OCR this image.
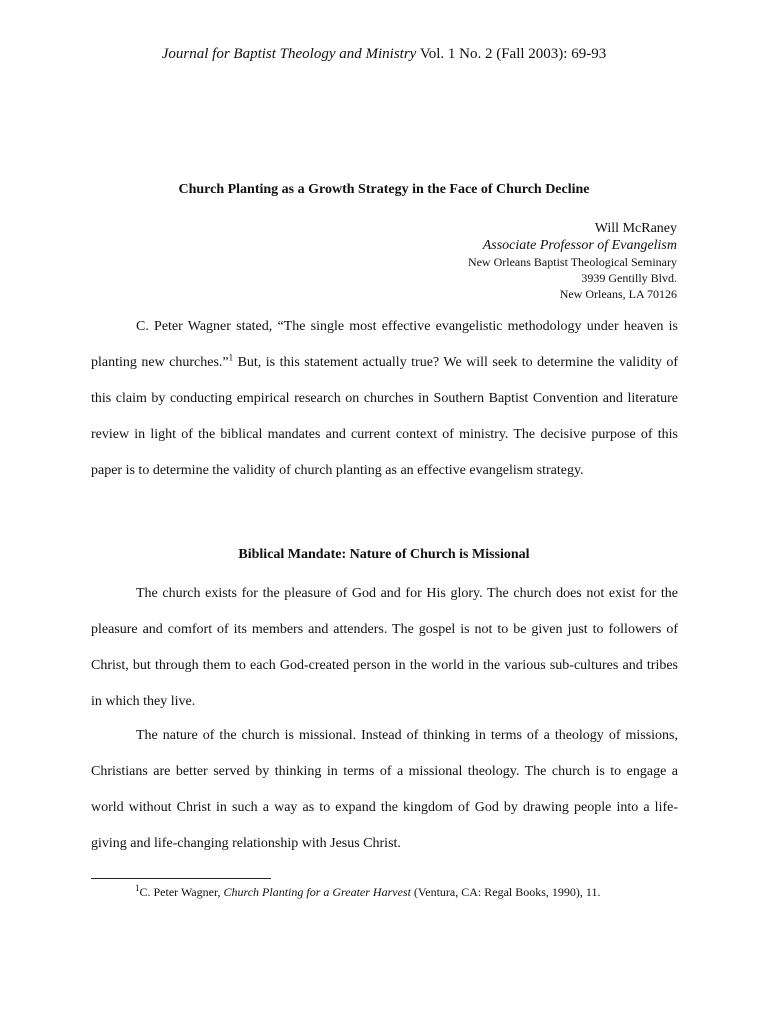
Journal for Baptist Theology and Ministry Vol. 1 No. 2 (Fall 2003): 69-93
Church Planting as a Growth Strategy in the Face of Church Decline
Will McRaney
Associate Professor of Evangelism
New Orleans Baptist Theological Seminary
3939 Gentilly Blvd.
New Orleans, LA 70126

C. Peter Wagner stated, “The single most effective evangelistic methodology under heaven is planting new churches.”$^1$ But, is this statement actually true? We will seek to determine the validity of this claim by conducting empirical research on churches in Southern Baptist Convention and literature review in light of the biblical mandates and current context of ministry. The decisive purpose of this paper is to determine the validity of church planting as an effective evangelism strategy.

Biblical Mandate: Nature of Church is Missional

The church exists for the pleasure of God and for His glory. The church does not exist for the pleasure and comfort of its members and attenders. The gospel is not to be given just to followers of Christ, but through them to each God-created person in the world in the various sub-cultures and tribes in which they live.

The nature of the church is missional. Instead of thinking in terms of a theology of missions, Christians are better served by thinking in terms of a missional theology. The church is to engage a world without Christ in such a way as to expand the kingdom of God by drawing people into a life-giving and life-changing relationship with Jesus Christ.

$^1$C. Peter Wagner, Church Planting for a Greater Harvest (Ventura, CA: Regal Books, 1990), 11.
